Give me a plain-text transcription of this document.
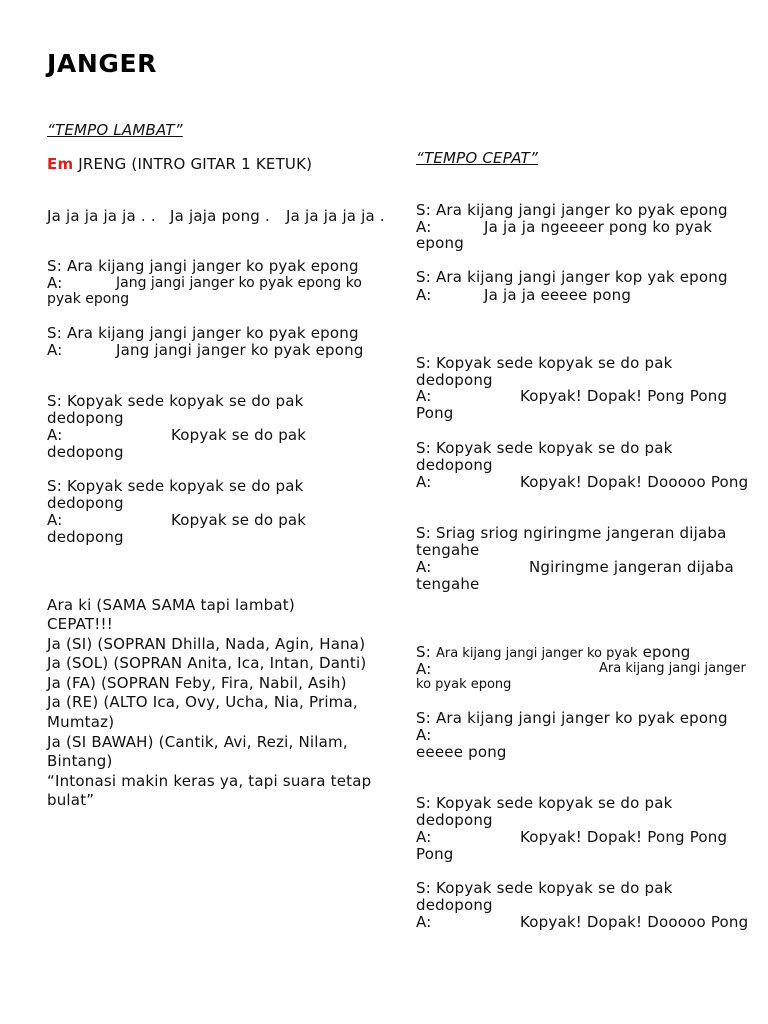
JANGER
“TEMPO LAMBAT”
Em JRENG (INTRO GITAR 1 KETUK)
Ja ja ja ja ja . . Ja jaja pong . Ja ja ja ja ja .
S: Ara kijang jangi janger ko pyak epong
A:	Jang jangi janger ko pyak epong ko
pyak epong
S: Ara kijang jangi janger ko pyak epong
A:	Jang jangi janger ko pyak epong
S: Kopyak sede kopyak se do pak
dedopong
A:	Kopyak se do pak
dedopong
S: Kopyak sede kopyak se do pak
dedopong
A:	Kopyak se do pak
dedopong
Ara ki (SAMA SAMA tapi lambat)
CEPAT!!!
Ja (SI) (SOPRAN Dhilla, Nada, Agin, Hana)
Ja (SOL) (SOPRAN Anita, Ica, Intan, Danti)
Ja (FA) (SOPRAN Feby, Fira, Nabil, Asih)
Ja (RE) (ALTO Ica, Ovy, Ucha, Nia, Prima,
Mumtaz)
Ja (SI BAWAH) (Cantik, Avi, Rezi, Nilam,
Bintang)
“Intonasi makin keras ya, tapi suara tetap
bulat”
“TEMPO CEPAT”
S: Ara kijang jangi janger ko pyak epong
A:	Ja ja ja ngeeeer pong ko pyak
epong
S: Ara kijang jangi janger kop yak epong
A:	Ja ja ja eeeee pong
S: Kopyak sede kopyak se do pak
dedopong
A:	Kopyak! Dopak! Pong Pong
Pong
S: Kopyak sede kopyak se do pak
dedopong
A:	Kopyak! Dopak! Dooooo Pong
S: Sriag sriog ngiringme jangeran dijaba
tengahe
A:	Ngiringme jangeran dijaba
tengahe
S: Ara kijang jangi janger ko pyak epong
A:	Ara kijang jangi janger
ko pyak epong
S: Ara kijang jangi janger ko pyak epong
A:
eeeee pong
S: Kopyak sede kopyak se do pak
dedopong
A:	Kopyak! Dopak! Pong Pong
Pong
S: Kopyak sede kopyak se do pak
dedopong
A:	Kopyak! Dopak! Dooooo Pong
